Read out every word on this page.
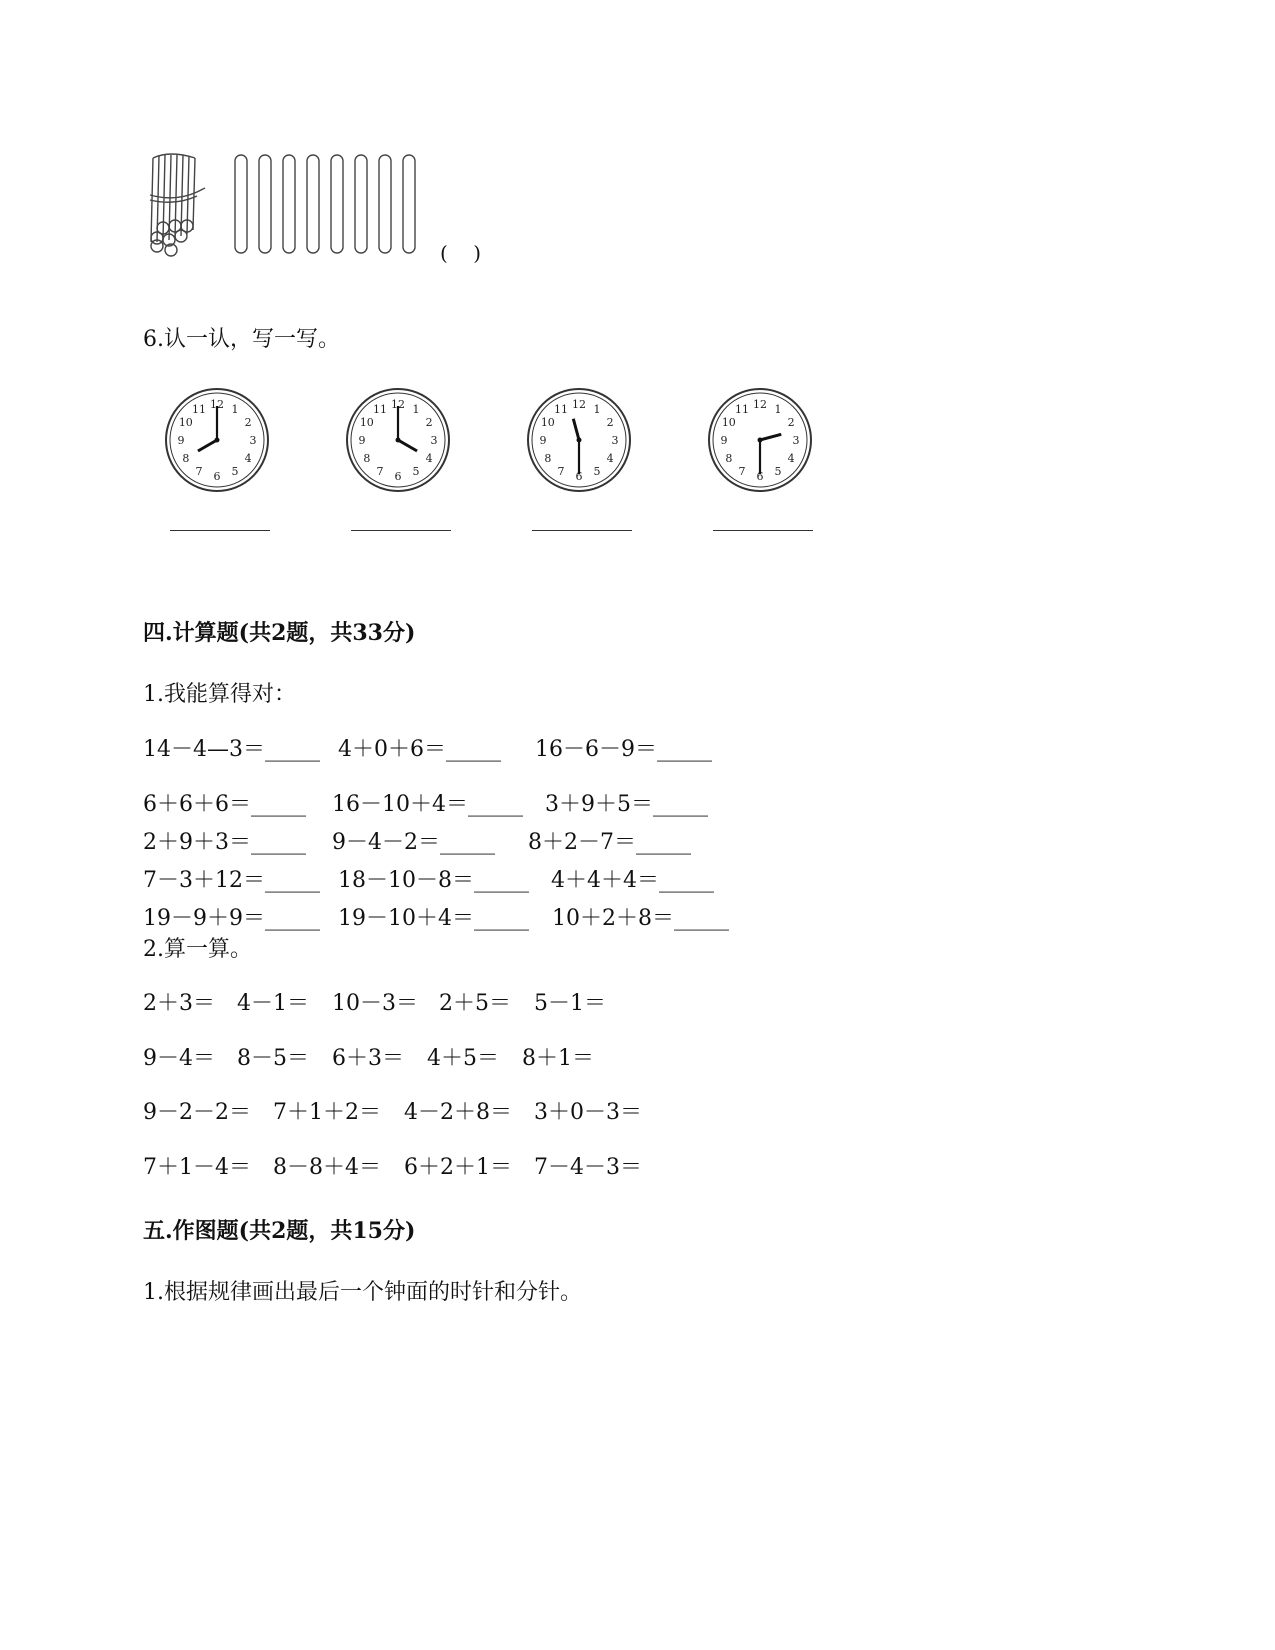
(    )
6.认一认，写一写。
12 1
2
3
4
5
6
7
8
9
10
11	12 1
2
3
4
5
6
7
8
9
10
11	12 1
2
3
4
5
6
7
8
9
10
11	12 1
2
3
4
5
6
7
8
9
10
11
四.计算题(共2题，共33分)
1.我能算得对：
14－4—3＝_____ 4＋0＋6＝_____ 16－6－9＝_____
6＋6＋6＝_____ 16－10＋4＝_____ 3＋9＋5＝_____
2＋9＋3＝_____ 9－4－2＝_____ 8＋2－7＝_____
7－3＋12＝_____ 18－10－8＝_____ 4＋4＋4＝_____
19－9＋9＝_____ 19－10＋4＝_____ 10＋2＋8＝_____
2.算一算。
2＋3＝ 4－1＝ 10－3＝ 2＋5＝ 5－1＝
9－4＝ 8－5＝ 6＋3＝ 4＋5＝ 8＋1＝
9－2－2＝ 7＋1＋2＝ 4－2＋8＝ 3＋0－3＝
7＋1－4＝ 8－8＋4＝ 6＋2＋1＝ 7－4－3＝
五.作图题(共2题，共15分)
1.根据规律画出最后一个钟面的时针和分针。
